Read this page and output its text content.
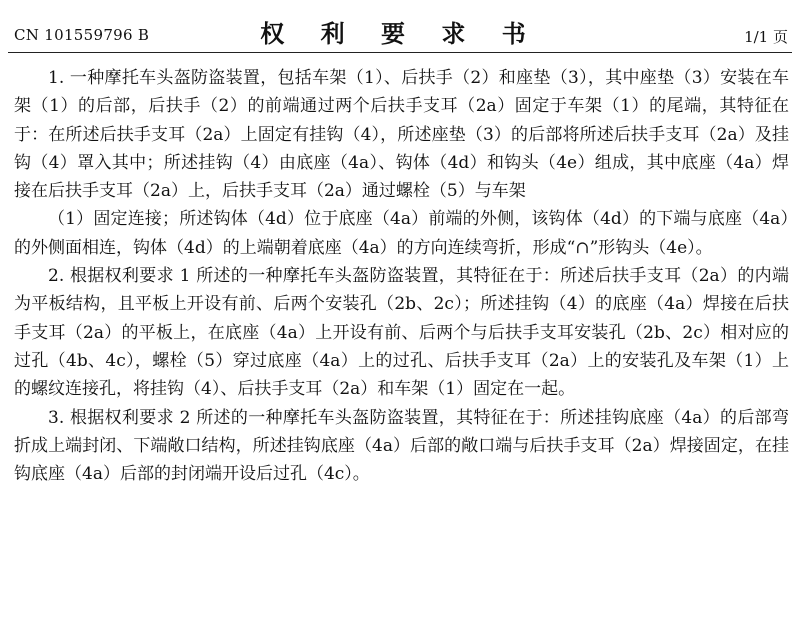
CN 101559796 B	权 利 要 求 书	1/1 页

1. 一种摩托车头盔防盗装置，包括车架（1）、后扶手（2）和座垫（3），其中座垫（3）安装在车架（1）的后部，后扶手（2）的前端通过两个后扶手支耳（2a）固定于车架（1）的尾端，其特征在于：在所述后扶手支耳（2a）上固定有挂钩（4），所述座垫（3）的后部将所述后扶手支耳（2a）及挂钩（4）罩入其中；所述挂钩（4）由底座（4a）、钩体（4d）和钩头（4e）组成，其中底座（4a）焊接在后扶手支耳（2a）上，后扶手支耳（2a）通过螺栓（5）与车架

（1）固定连接；所述钩体（4d）位于底座（4a）前端的外侧，该钩体（4d）的下端与底座（4a）的外侧面相连，钩体（4d）的上端朝着底座（4a）的方向连续弯折，形成“∩”形钩头（4e）。

2. 根据权利要求 1 所述的一种摩托车头盔防盗装置，其特征在于：所述后扶手支耳（2a）的内端为平板结构，且平板上开设有前、后两个安装孔（2b、2c）；所述挂钩（4）的底座（4a）焊接在后扶手支耳（2a）的平板上，在底座（4a）上开设有前、后两个与后扶手支耳安装孔（2b、2c）相对应的过孔（4b、4c），螺栓（5）穿过底座（4a）上的过孔、后扶手支耳（2a）上的安装孔及车架（1）上的螺纹连接孔，将挂钩（4）、后扶手支耳（2a）和车架（1）固定在一起。

3. 根据权利要求 2 所述的一种摩托车头盔防盗装置，其特征在于：所述挂钩底座（4a）的后部弯折成上端封闭、下端敞口结构，所述挂钩底座（4a）后部的敞口端与后扶手支耳（2a）焊接固定，在挂钩底座（4a）后部的封闭端开设后过孔（4c）。
